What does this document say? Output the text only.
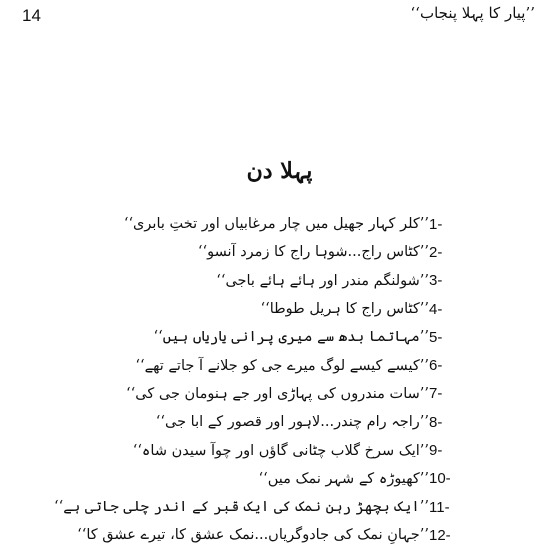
14	’’پیار کا پہلا پنجاب‘‘
پہلا دن
1-
’’کلر کہار جھیل میں چار مرغابیاں اور تختِ بابری‘‘
2-
’’کٹاس راج...شوہا راج کا زمرد آنسو‘‘
3-
’’شولنگم مندر اور ہائے ہائے باجی‘‘
4-
’’کٹاس راج کا ہریل طوطا‘‘
5-
’’مہاتما بدھ سے میری پرانی یاریاں ہیں‘‘
6-
’’کیسے کیسے لوگ میرے جی کو جلانے آ جاتے تھے‘‘
7-
’’سات مندروں کی پہاڑی اور جے ہنومان جی کی‘‘
8-
’’راجہ رام چندر...لاہور اور قصور کے ابا جی‘‘
9-
’’ایک سرخ گلاب چٹانی گاؤں اور چوآ سیدن شاہ‘‘
10-
’’کھیوڑہ کے شہر نمک میں‘‘
11-
’’ایک بچھڑ رہن نمک کی ایک قبر کے اندر چلی جاتی ہے‘‘
12-
’’جہانِ نمک کی جادوگریاں...نمک عشق کا، تیرے عشق کا‘‘
